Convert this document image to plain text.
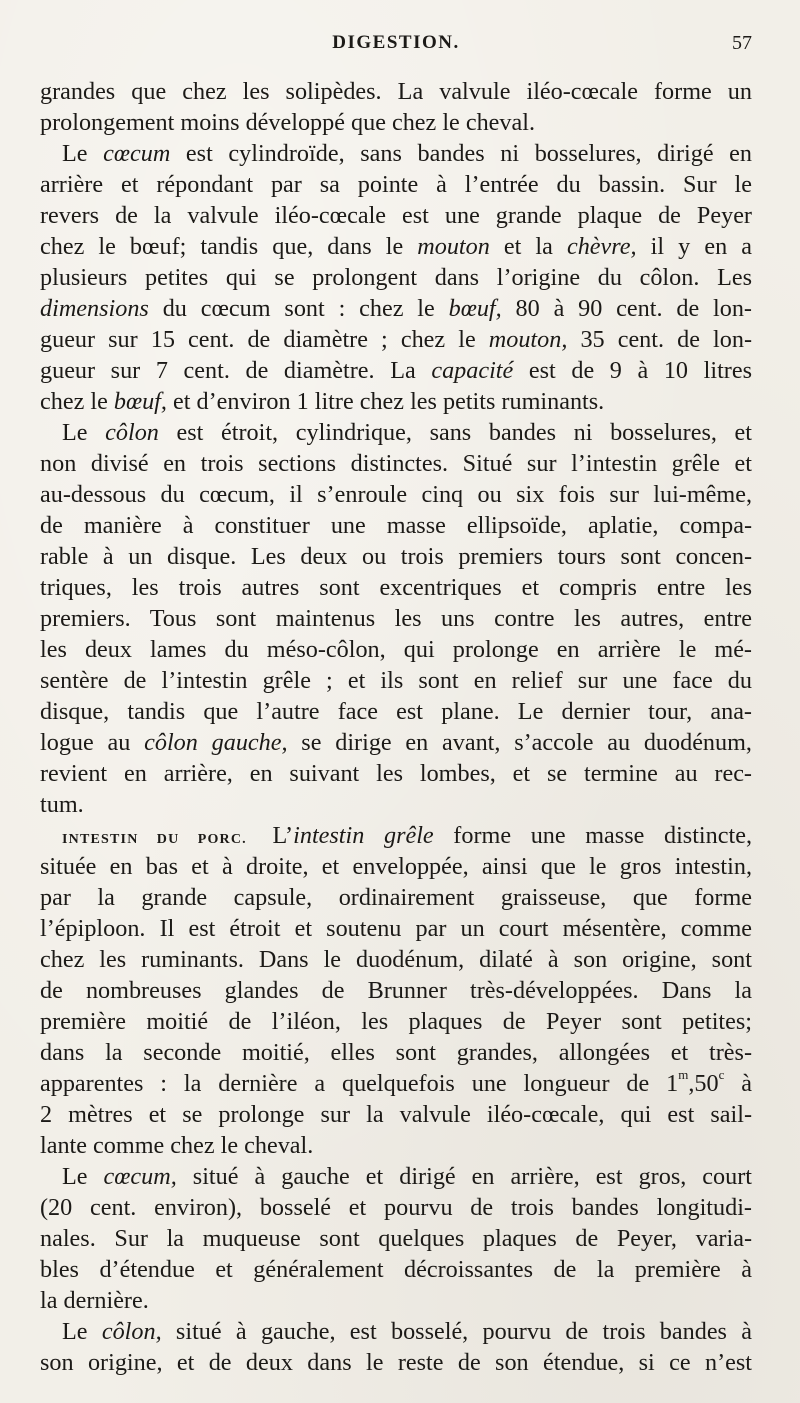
DIGESTION.	57
grandes que chez les solipèdes. La valvule iléo-cœcale forme un
prolongement moins développé que chez le cheval.
Le cœcum est cylindroïde, sans bandes ni bosselures, dirigé en
arrière et répondant par sa pointe à l’entrée du bassin. Sur le
revers de la valvule iléo-cœcale est une grande plaque de Peyer
chez le bœuf; tandis que, dans le mouton et la chèvre, il y en a
plusieurs petites qui se prolongent dans l’origine du côlon. Les
dimensions du cœcum sont : chez le bœuf, 80 à 90 cent. de lon-
gueur sur 15 cent. de diamètre ; chez le mouton, 35 cent. de lon-
gueur sur 7 cent. de diamètre. La capacité est de 9 à 10 litres
chez le bœuf, et d’environ 1 litre chez les petits ruminants.
Le côlon est étroit, cylindrique, sans bandes ni bosselures, et
non divisé en trois sections distinctes. Situé sur l’intestin grêle et
au-dessous du cœcum, il s’enroule cinq ou six fois sur lui-même,
de manière à constituer une masse ellipsoïde, aplatie, compa-
rable à un disque. Les deux ou trois premiers tours sont concen-
triques, les trois autres sont excentriques et compris entre les
premiers. Tous sont maintenus les uns contre les autres, entre
les deux lames du méso-côlon, qui prolonge en arrière le mé-
sentère de l’intestin grêle ; et ils sont en relief sur une face du
disque, tandis que l’autre face est plane. Le dernier tour, ana-
logue au côlon gauche, se dirige en avant, s’accole au duodénum,
revient en arrière, en suivant les lombes, et se termine au rec-
tum.
INTESTIN DU PORC. L’intestin grêle forme une masse distincte,
située en bas et à droite, et enveloppée, ainsi que le gros intestin,
par la grande capsule, ordinairement graisseuse, que forme
l’épiploon. Il est étroit et soutenu par un court mésentère, comme
chez les ruminants. Dans le duodénum, dilaté à son origine, sont
de nombreuses glandes de Brunner très-développées. Dans la
première moitié de l’iléon, les plaques de Peyer sont petites;
dans la seconde moitié, elles sont grandes, allongées et très-
apparentes : la dernière a quelquefois une longueur de 1$^m$,50$^c$ à
2 mètres et se prolonge sur la valvule iléo-cœcale, qui est sail-
lante comme chez le cheval.
Le cœcum, situé à gauche et dirigé en arrière, est gros, court
(20 cent. environ), bosselé et pourvu de trois bandes longitudi-
nales. Sur la muqueuse sont quelques plaques de Peyer, varia-
bles d’étendue et généralement décroissantes de la première à
la dernière.
Le côlon, situé à gauche, est bosselé, pourvu de trois bandes à
son origine, et de deux dans le reste de son étendue, si ce n’est
